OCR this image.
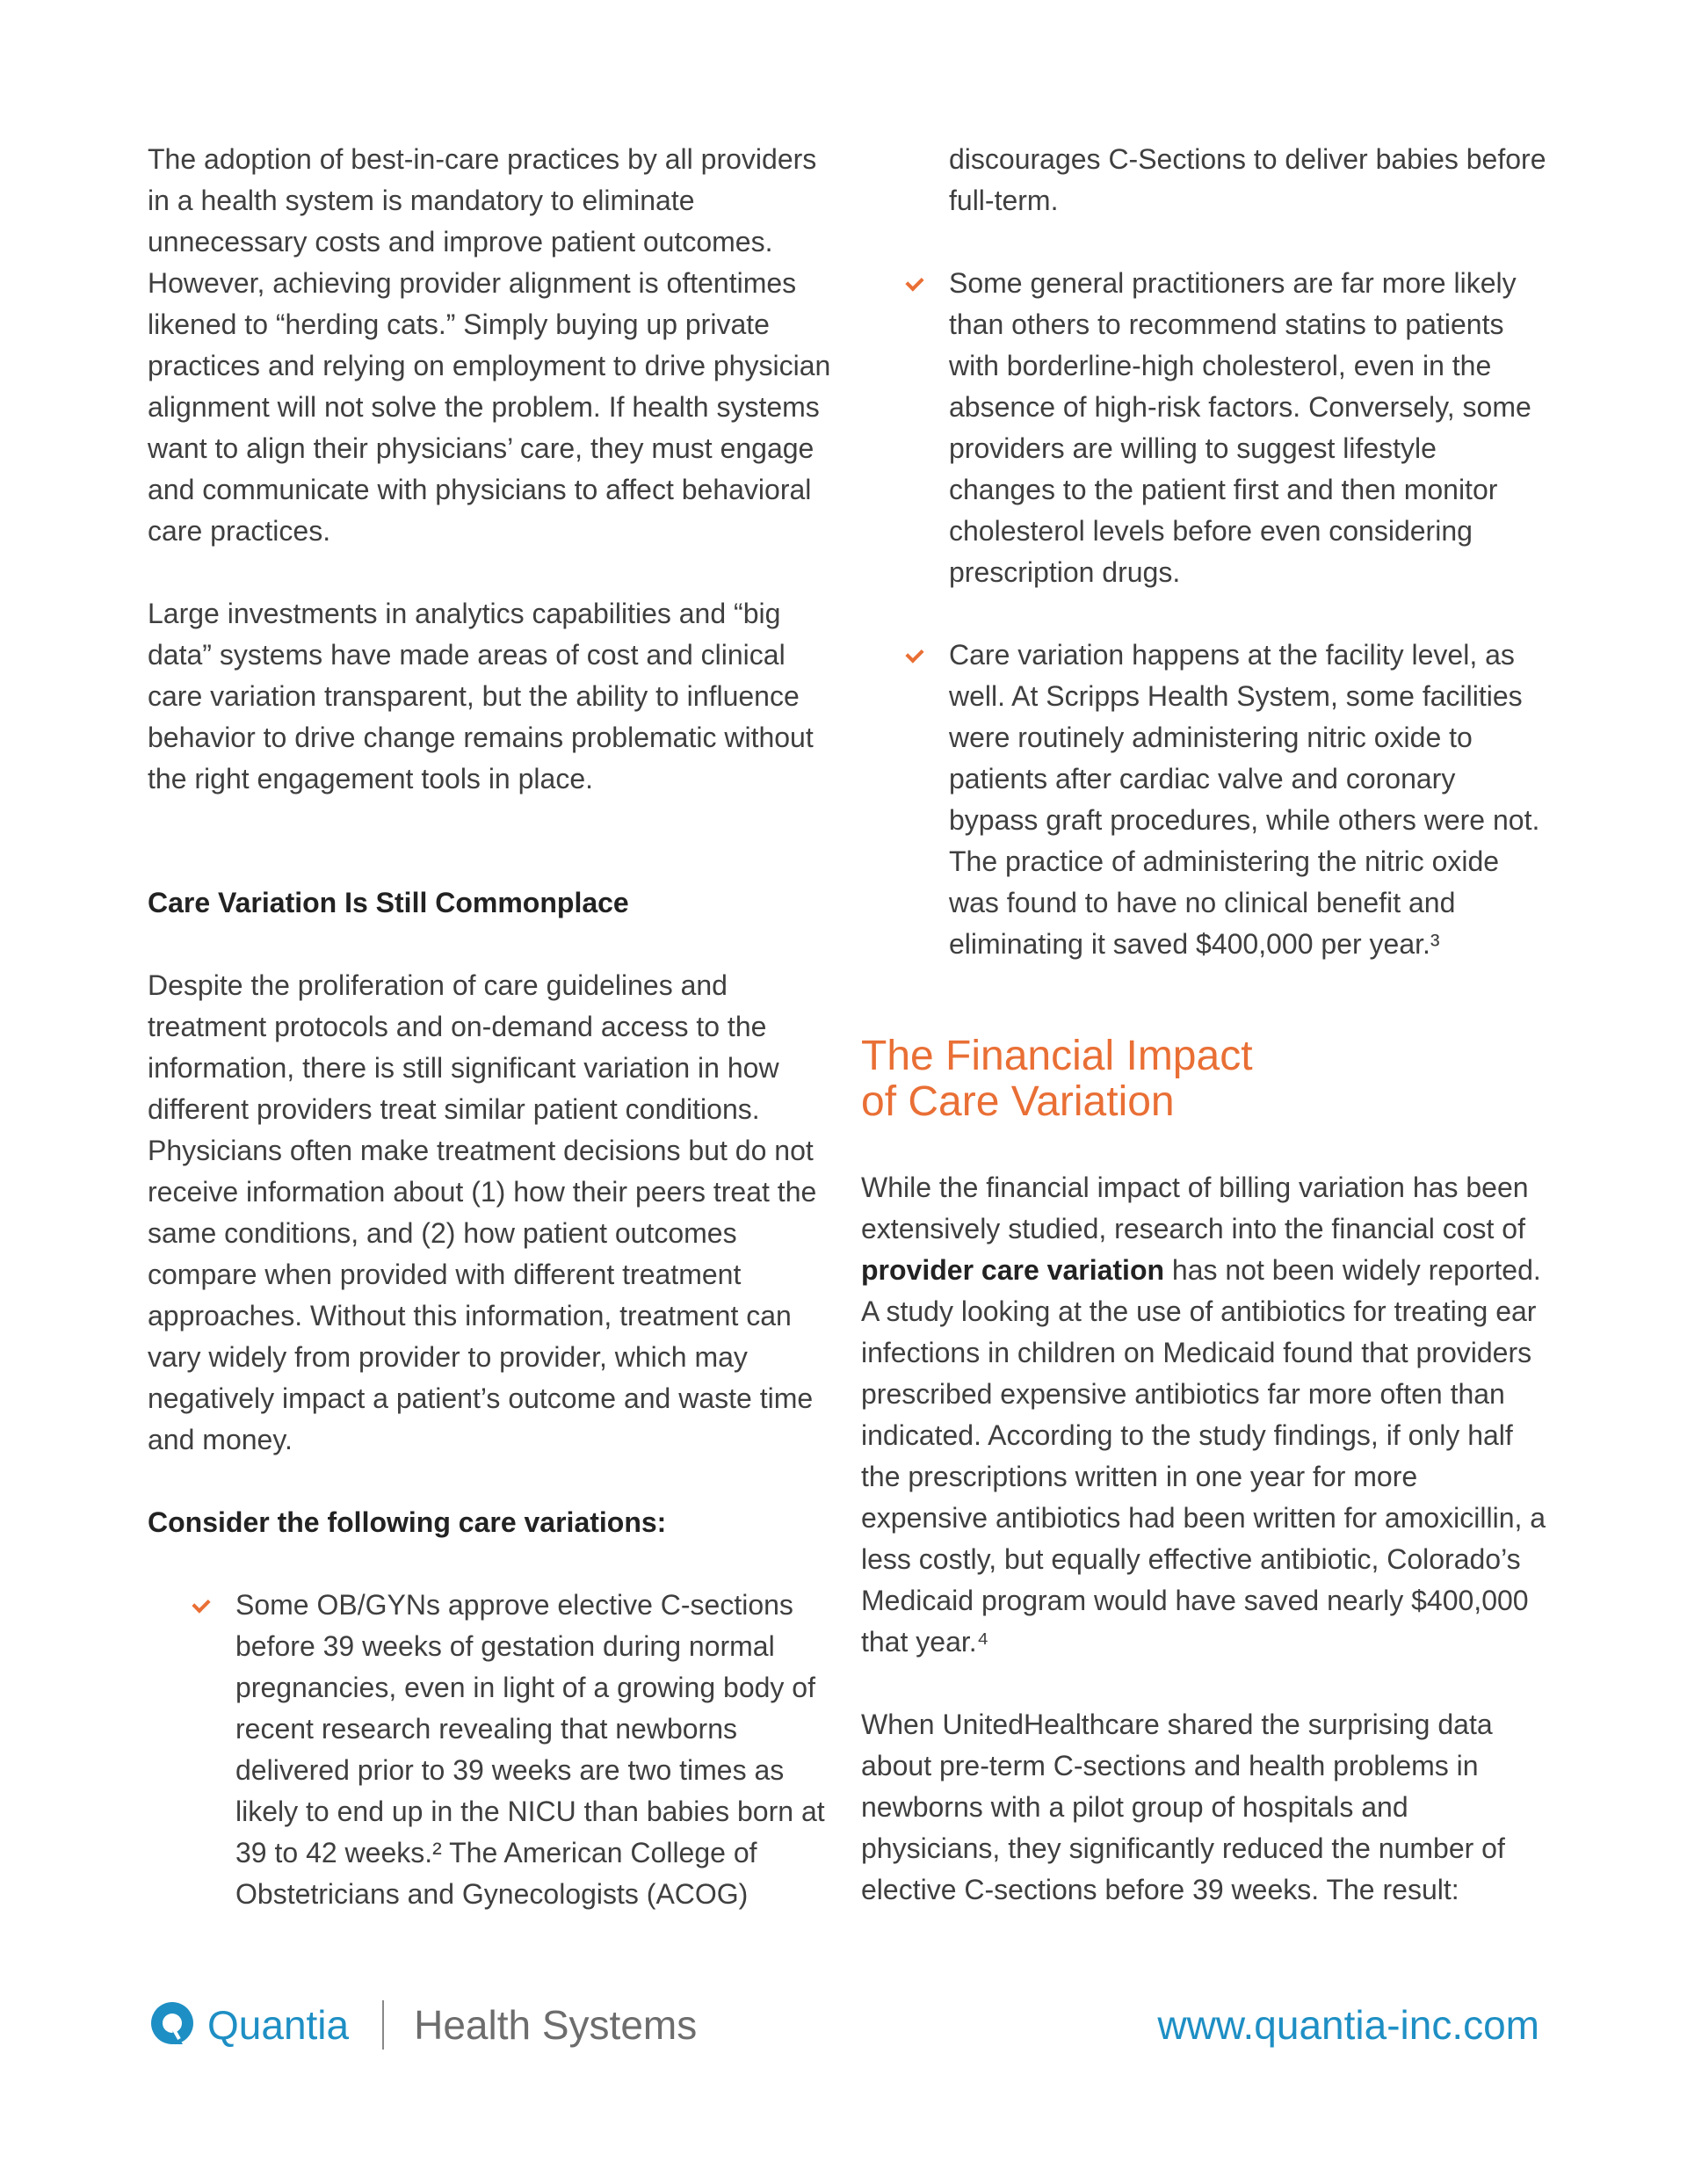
The adoption of best-in-care practices by all providers in a health system is mandatory to eliminate unnecessary costs and improve patient outcomes. However, achieving provider alignment is oftentimes likened to “herding cats.” Simply buying up private practices and relying on employment to drive physician alignment will not solve the problem. If health systems want to align their physicians’ care, they must engage and communicate with physicians to affect behavioral care practices.

Large investments in analytics capabilities and “big data” systems have made areas of cost and clinical care variation transparent, but the ability to influence behavior to drive change remains problematic without the right engagement tools in place.

Care Variation Is Still Commonplace

Despite the proliferation of care guidelines and treatment protocols and on-demand access to the information, there is still significant variation in how different providers treat similar patient conditions. Physicians often make treatment decisions but do not receive information about (1) how their peers treat the same conditions, and (2) how patient outcomes compare when provided with different treatment approaches. Without this information, treatment can vary widely from provider to provider, which may negatively impact a patient’s outcome and waste time and money.

Consider the following care variations:
Some OB/GYNs approve elective C-sections before 39 weeks of gestation during normal pregnancies, even in light of a growing body of recent research revealing that newborns delivered prior to 39 weeks are two times as likely to end up in the NICU than babies born at 39 to 42 weeks.² The American College of Obstetricians and Gynecologists (ACOG)
discourages C-Sections to deliver babies before full-term.
Some general practitioners are far more likely than others to recommend statins to patients with borderline-high cholesterol, even in the absence of high-risk factors. Conversely, some providers are willing to suggest lifestyle changes to the patient first and then monitor cholesterol levels before even considering prescription drugs.
Care variation happens at the facility level, as well. At Scripps Health System, some facilities were routinely administering nitric oxide to patients after cardiac valve and coronary bypass graft procedures, while others were not. The practice of administering the nitric oxide was found to have no clinical benefit and eliminating it saved $400,000 per year.³
The Financial Impact
of Care Variation

While the financial impact of billing variation has been extensively studied, research into the financial cost of provider care variation has not been widely reported. A study looking at the use of antibiotics for treating ear infections in children on Medicaid found that providers prescribed expensive antibiotics far more often than indicated. According to the study findings, if only half the prescriptions written in one year for more expensive antibiotics had been written for amoxicillin, a less costly, but equally effective antibiotic, Colorado’s Medicaid program would have saved nearly $400,000 that year.⁴

When UnitedHealthcare shared the surprising data about pre-term C-sections and health problems in newborns with a pilot group of hospitals and physicians, they significantly reduced the number of elective C-sections before 39 weeks. The result:

Quantia Health Systems	www.quantia-inc.com
